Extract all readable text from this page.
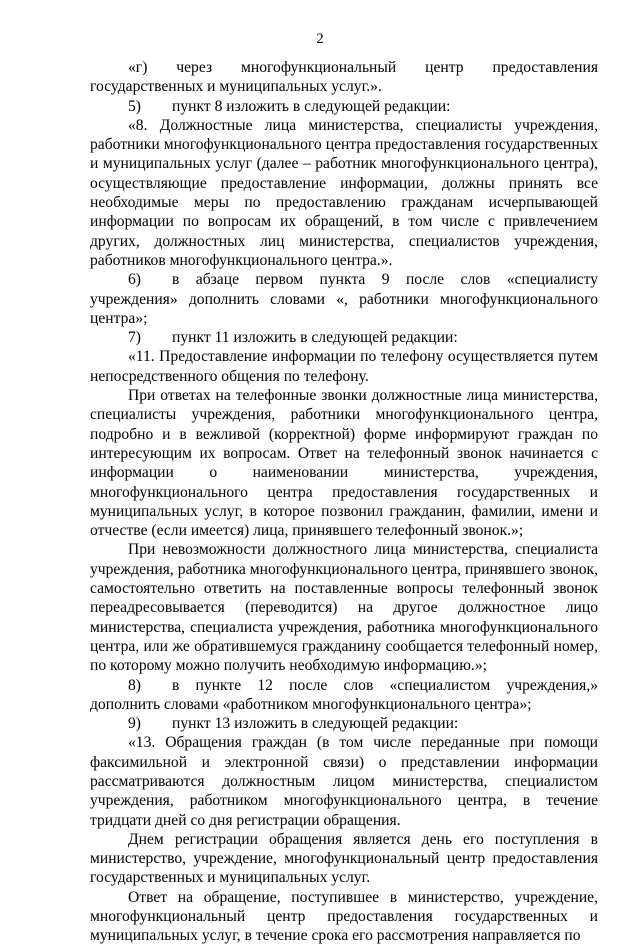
2

«г) через многофункциональный центр предоставления государственных и муниципальных услуг.».

5) пункт 8 изложить в следующей редакции:

«8. Должностные лица министерства, специалисты учреждения, работники многофункционального центра предоставления государственных и муниципальных услуг (далее – работник многофункционального центра), осуществляющие предоставление информации, должны принять все необходимые меры по предоставлению гражданам исчерпывающей информации по вопросам их обращений, в том числе с привлечением других, должностных лиц министерства, специалистов учреждения, работников многофункционального центра.».

6) в абзаце первом пункта 9 после слов «специалисту учреждения» дополнить словами «, работники многофункционального центра»;

7) пункт 11 изложить в следующей редакции:

«11. Предоставление информации по телефону осуществляется путем непосредственного общения по телефону.

При ответах на телефонные звонки должностные лица министерства, специалисты учреждения, работники многофункционального центра, подробно и в вежливой (корректной) форме информируют граждан по интересующим их вопросам. Ответ на телефонный звонок начинается с информации о наименовании министерства, учреждения, многофункционального центра предоставления государственных и муниципальных услуг, в которое позвонил гражданин, фамилии, имени и отчестве (если имеется) лица, принявшего телефонный звонок.»;

При невозможности должностного лица министерства, специалиста учреждения, работника многофункционального центра, принявшего звонок, самостоятельно ответить на поставленные вопросы телефонный звонок переадресовывается (переводится) на другое должностное лицо министерства, специалиста учреждения, работника многофункционального центра, или же обратившемуся гражданину сообщается телефонный номер, по которому можно получить необходимую информацию.»;

8) в пункте 12 после слов «специалистом учреждения,» дополнить словами «работником многофункционального центра»;

9) пункт 13 изложить в следующей редакции:

«13. Обращения граждан (в том числе переданные при помощи факсимильной и электронной связи) о представлении информации рассматриваются должностным лицом министерства, специалистом учреждения, работником многофункционального центра, в течение тридцати дней со дня регистрации обращения.

Днем регистрации обращения является день его поступления в министерство, учреждение, многофункциональный центр предоставления государственных и муниципальных услуг.

Ответ на обращение, поступившее в министерство, учреждение, многофункциональный центр предоставления государственных и муниципальных услуг, в течение срока его рассмотрения направляется по
